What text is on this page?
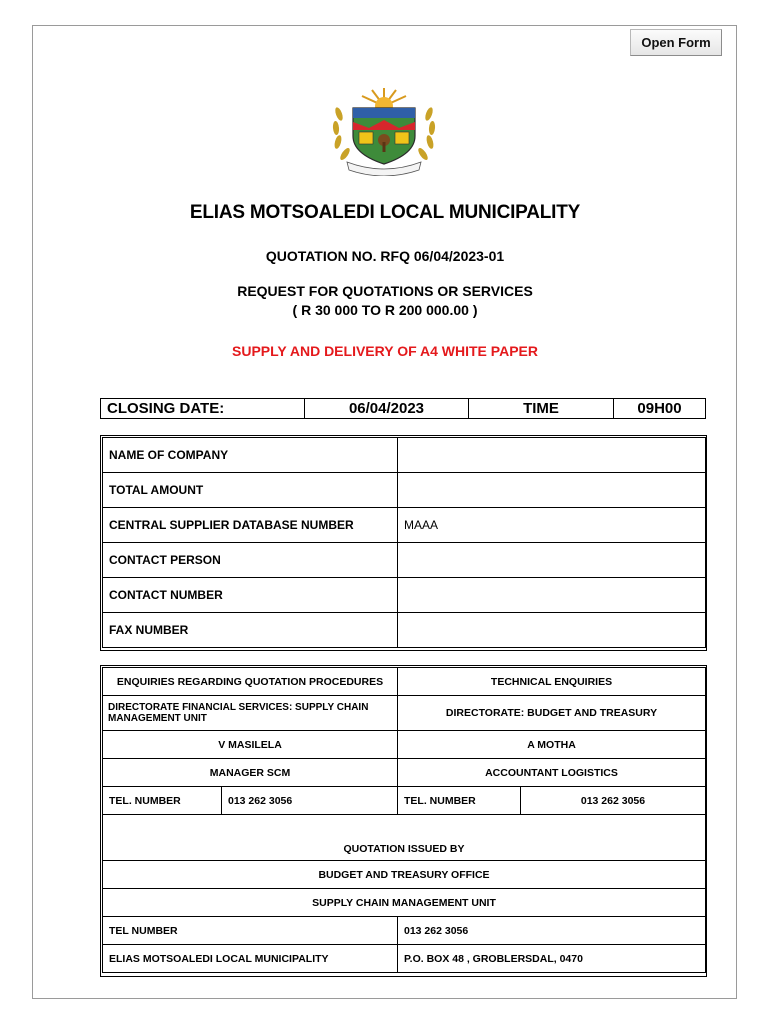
Open Form
ELIAS MOTSOALEDI LOCAL MUNICIPALITY
QUOTATION NO. RFQ 06/04/2023-01
REQUEST FOR QUOTATIONS OR SERVICES
( R 30 000 TO R 200 000.00 )
SUPPLY AND DELIVERY OF A4 WHITE PAPER
CLOSING DATE:	06/04/2023	TIME	09H00
NAME OF COMPANY	
TOTAL AMOUNT	
CENTRAL SUPPLIER DATABASE NUMBER	MAAA
CONTACT PERSON	
CONTACT NUMBER	
FAX NUMBER	
ENQUIRIES REGARDING QUOTATION PROCEDURES		TECHNICAL ENQUIRIES	
DIRECTORATE FINANCIAL SERVICES: SUPPLY CHAIN MANAGEMENT UNIT		DIRECTORATE: BUDGET AND TREASURY	
V MASILELA		A MOTHA	
MANAGER SCM		ACCOUNTANT LOGISTICS	
TEL. NUMBER	013 262 3056	TEL. NUMBER	013 262 3056
QUOTATION ISSUED BY			
BUDGET AND TREASURY OFFICE			
SUPPLY CHAIN MANAGEMENT UNIT			
TEL NUMBER		013 262 3056	
ELIAS MOTSOALEDI LOCAL MUNICIPALITY		P.O. BOX 48 , GROBLERSDAL, 0470	
